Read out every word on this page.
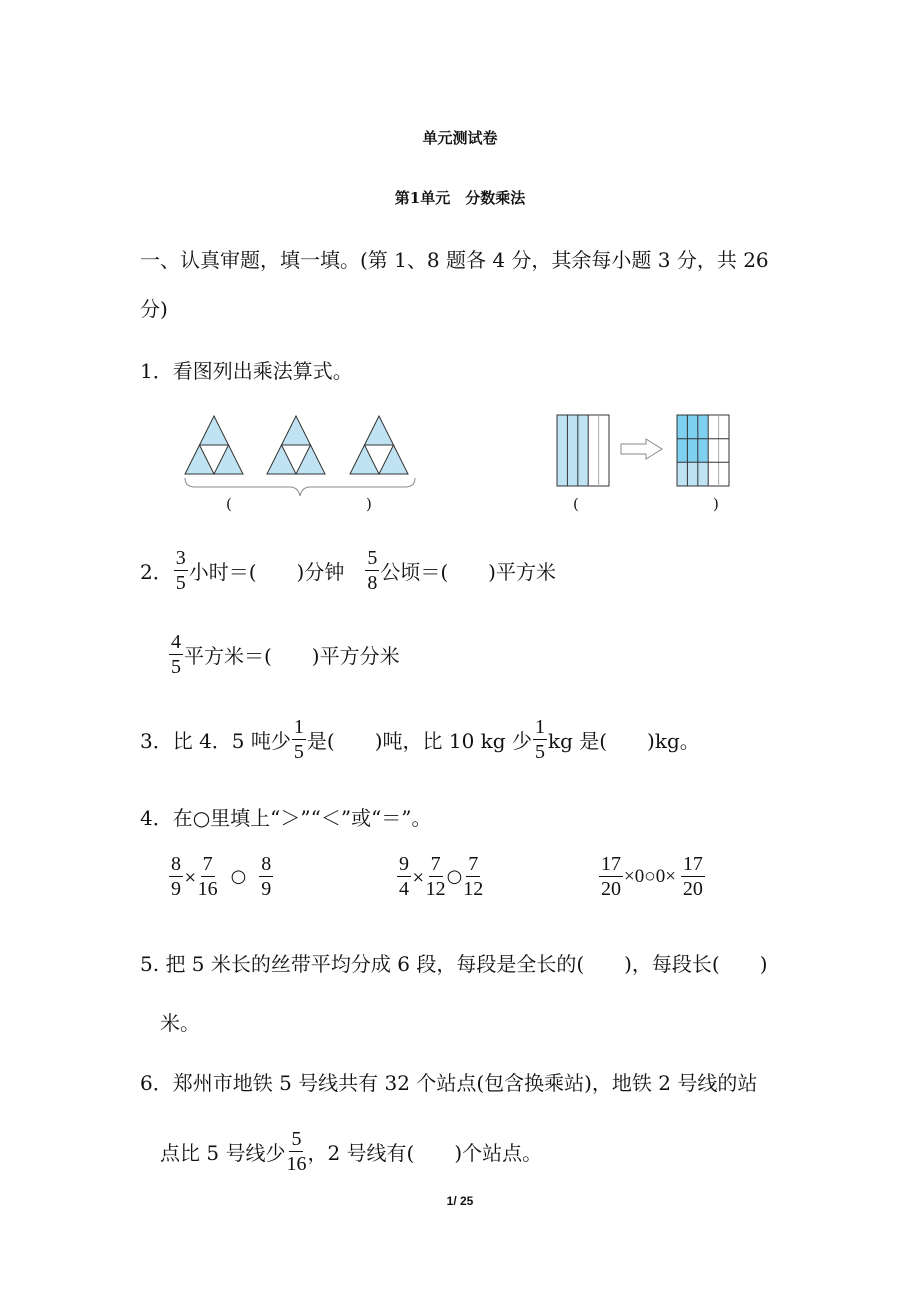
单元测试卷
第1单元　分数乘法
一、认真审题，填一填。(第 1、8 题各 4 分，其余每小题 3 分，共 26
分)
1．看图列出乘法算式。
(	)	(	)
2． $\frac{3}{5}$ 小时＝(　　)分钟　 $\frac{5}{8}$ 公顷＝(　　)平方米
$\frac{4}{5}$ 平方米＝(　　)平方分米
3．比 4．5 吨少 $\frac{1}{5}$ 是(　　)吨，比 10 kg 少 $\frac{1}{5}$ kg 是(　　)kg。
4．在○里填上“＞”“＜”或“＝”。
$\frac{8}{9} \times \frac{7}{16}$ ○ $\frac{8}{9}$	$\frac{9}{4} \times \frac{7}{12}$ ○ $\frac{7}{12}$	$\frac{17}{20}$ ×0○0× $\frac{17}{20}$
5. 把 5 米长的丝带平均分成 6 段，每段是全长的(　　)，每段长(　　)
米。
6．郑州市地铁 5 号线共有 32 个站点(包含换乘站)，地铁 2 号线的站
点比 5 号线少 $\frac{5}{16}$ ，2 号线有(　　)个站点。
1/ 25
